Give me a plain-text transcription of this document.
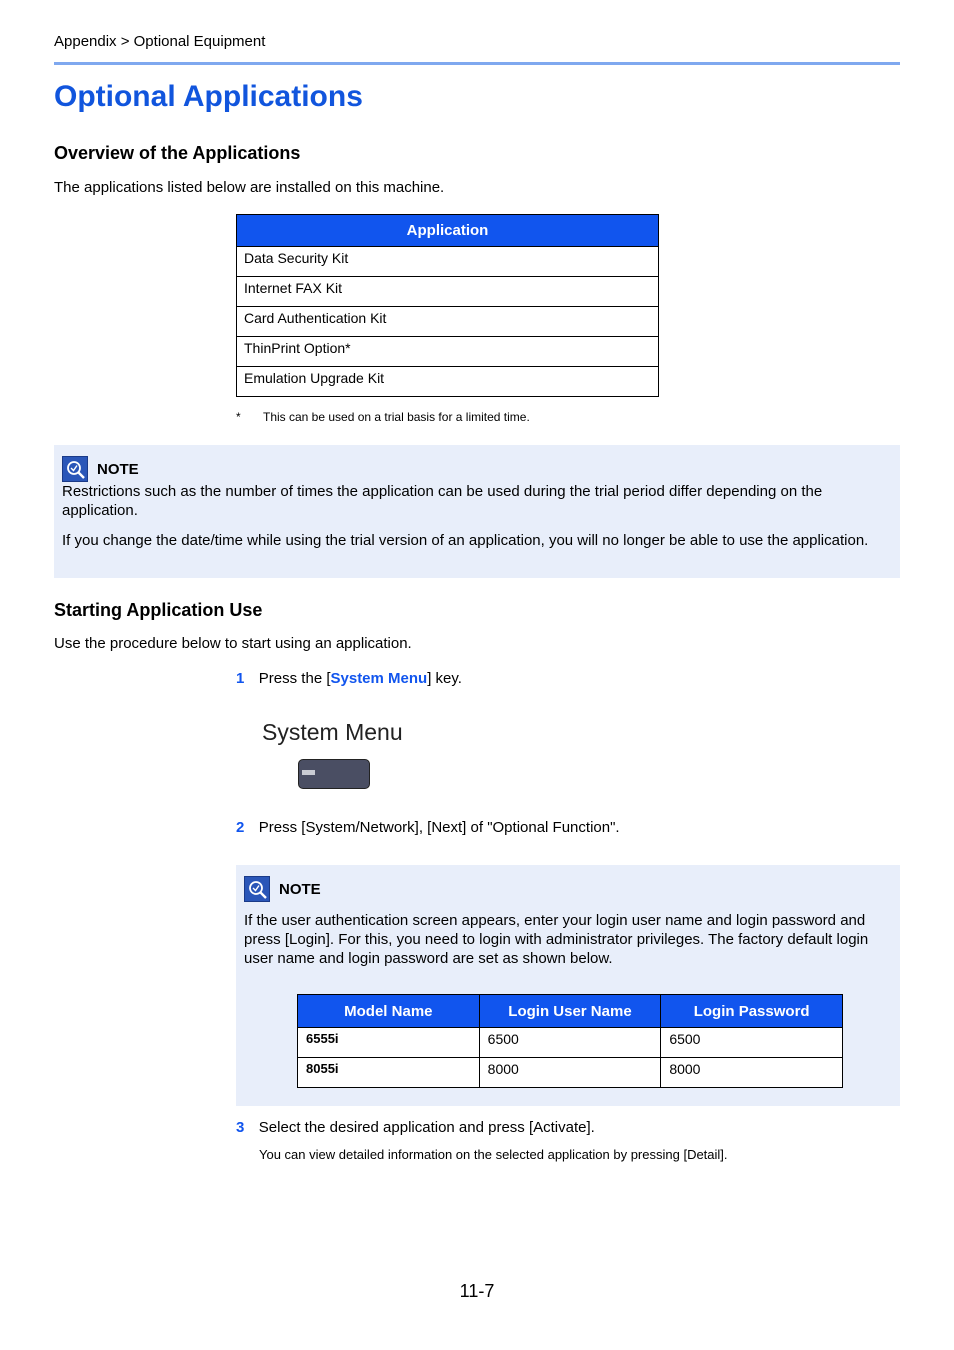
Appendix > Optional Equipment
Optional Applications
Overview of the Applications
The applications listed below are installed on this machine.
Application
Data Security Kit
Internet FAX Kit
Card Authentication Kit
ThinPrint Option*
Emulation Upgrade Kit
* This can be used on a trial basis for a limited time.
NOTE

Restrictions such as the number of times the application can be used during the trial period differ depending on the application.

If you change the date/time while using the trial version of an application, you will no longer be able to use the application.

Starting Application Use
Use the procedure below to start using an application.
1 Press the [System Menu] key.
System Menu
2 Press [System/Network], [Next] of "Optional Function".
NOTE

If the user authentication screen appears, enter your login user name and login password and press [Login]. For this, you need to login with administrator privileges. The factory default login user name and login password are set as shown below.

Model Name	Login User Name	Login Password
6555i	6500	6500
8055i	8000	8000
3 Select the desired application and press [Activate].
You can view detailed information on the selected application by pressing [Detail].
11-7
